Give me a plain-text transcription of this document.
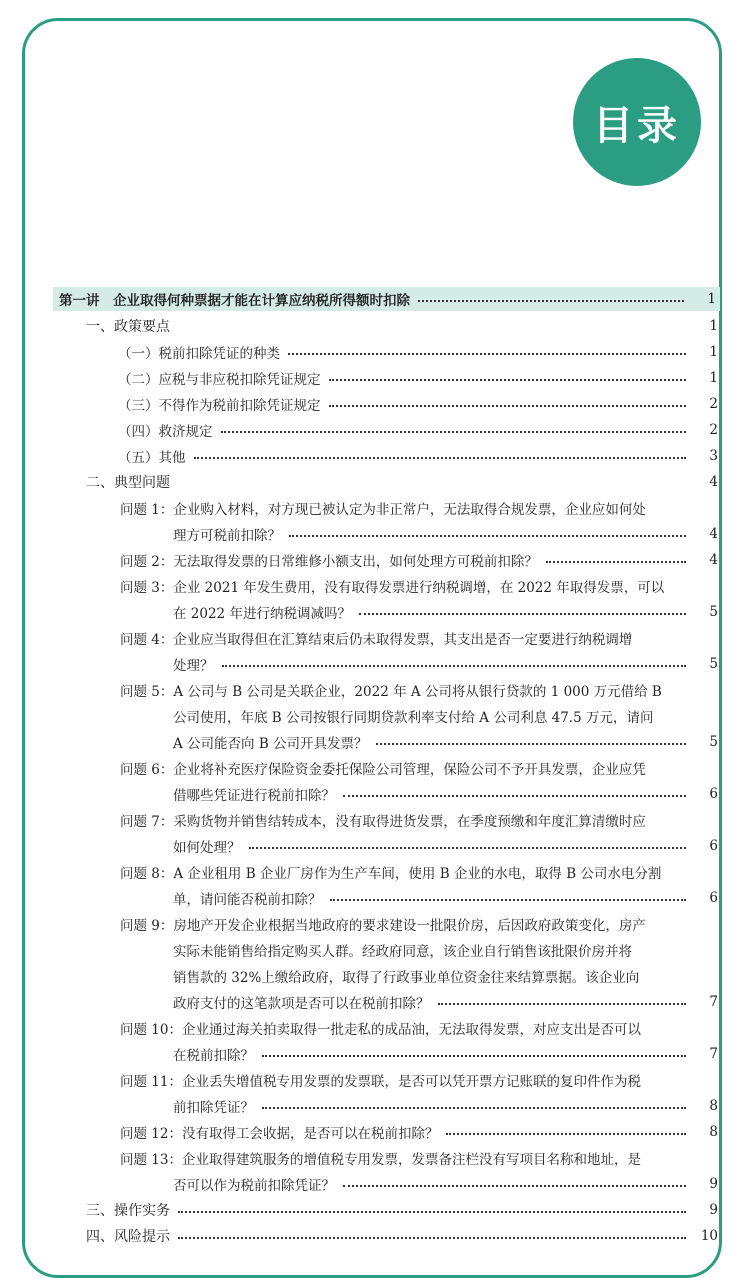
目录
第一讲　企业取得何种票据才能在计算应纳税所得额时扣除	1
一、政策要点	1
（一）税前扣除凭证的种类	1
（二）应税与非应税扣除凭证规定	1
（三）不得作为税前扣除凭证规定	2
（四）救济规定	2
（五）其他	3
二、典型问题	4
问题 1：企业购入材料，对方现已被认定为非正常户，无法取得合规发票，企业应如何处
理方可税前扣除？	4
问题 2：无法取得发票的日常维修小额支出，如何处理方可税前扣除？	4
问题 3：企业 2021 年发生费用，没有取得发票进行纳税调增，在 2022 年取得发票，可以
在 2022 年进行纳税调减吗？	5
问题 4：企业应当取得但在汇算结束后仍未取得发票，其支出是否一定要进行纳税调增
处理？	5
问题 5：A 公司与 B 公司是关联企业，2022 年 A 公司将从银行贷款的 1 000 万元借给 B
公司使用，年底 B 公司按银行同期贷款利率支付给 A 公司利息 47.5 万元，请问
A 公司能否向 B 公司开具发票？	5
问题 6：企业将补充医疗保险资金委托保险公司管理，保险公司不予开具发票，企业应凭
借哪些凭证进行税前扣除？	6
问题 7：采购货物并销售结转成本，没有取得进货发票，在季度预缴和年度汇算清缴时应
如何处理？	6
问题 8：A 企业租用 B 企业厂房作为生产车间，使用 B 企业的水电，取得 B 公司水电分割
单，请问能否税前扣除？	6
问题 9：房地产开发企业根据当地政府的要求建设一批限价房，后因政府政策变化，房产
实际未能销售给指定购买人群。经政府同意，该企业自行销售该批限价房并将
销售款的 32%上缴给政府，取得了行政事业单位资金往来结算票据。该企业向
政府支付的这笔款项是否可以在税前扣除？	7
问题 10：企业通过海关拍卖取得一批走私的成品油，无法取得发票，对应支出是否可以
在税前扣除？	7
问题 11：企业丢失增值税专用发票的发票联，是否可以凭开票方记账联的复印件作为税
前扣除凭证？	8
问题 12：没有取得工会收据，是否可以在税前扣除？	8
问题 13：企业取得建筑服务的增值税专用发票，发票备注栏没有写项目名称和地址，是
否可以作为税前扣除凭证？	9
三、操作实务	9
四、风险提示	10
